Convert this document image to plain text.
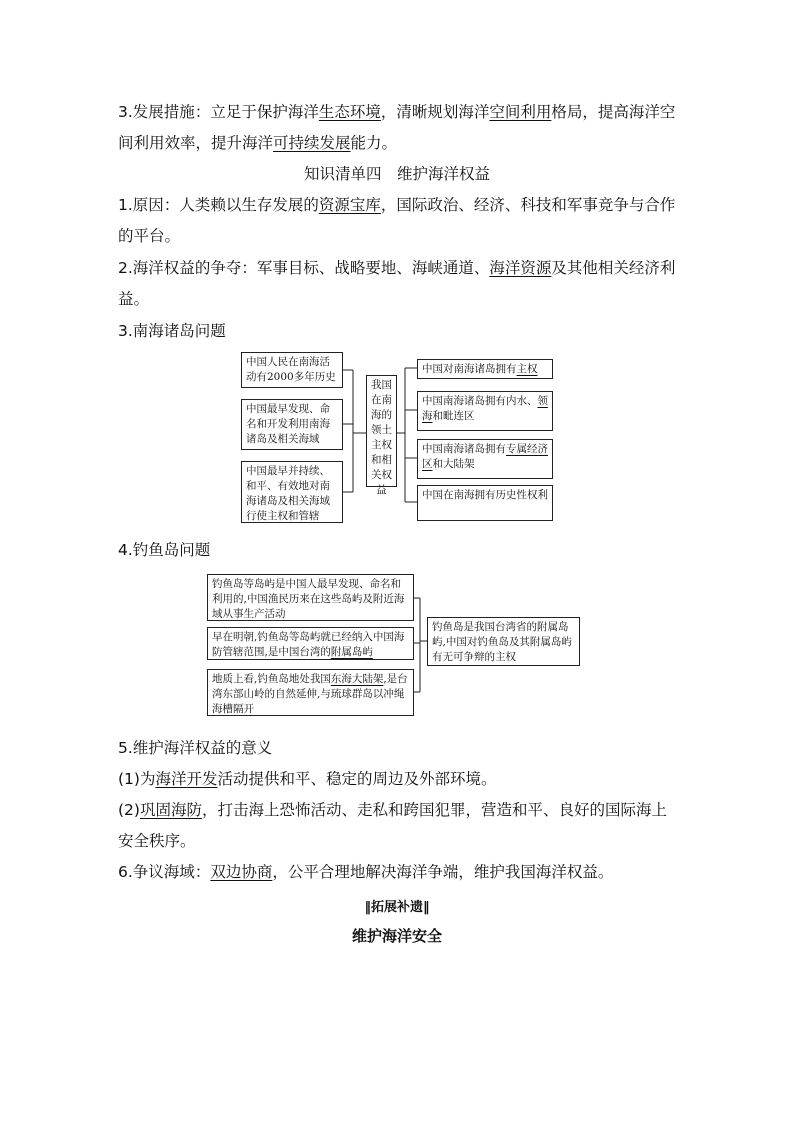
3.发展措施：立足于保护海洋生态环境，清晰规划海洋空间利用格局，提高海洋空间利用效率，提升海洋可持续发展能力。

知识清单四　维护海洋权益

1.原因：人类赖以生存发展的资源宝库，国际政治、经济、科技和军事竞争与合作的平台。

2.海洋权益的争夺：军事目标、战略要地、海峡通道、海洋资源及其他相关经济利益。

3.南海诸岛问题

中国人民在南海活动有2000多年历史
中国最早发现、命名和开发利用南海诸岛及相关海域
中国最早并持续、和平、有效地对南海诸岛及相关海域行使主权和管辖
我国在南海的领土主权和相关权益
中国对南海诸岛拥有主权
中国南海诸岛拥有内水、领海和毗连区
中国南海诸岛拥有专属经济区和大陆架
中国在南海拥有历史性权利

4.钓鱼岛问题

钓鱼岛等岛屿是中国人最早发现、命名和利用的,中国渔民历来在这些岛屿及附近海域从事生产活动
早在明朝,钓鱼岛等岛屿就已经纳入中国海防管辖范围,是中国台湾的附属岛屿
地质上看,钓鱼岛地处我国东海大陆架,是台湾东部山岭的自然延伸,与琉球群岛以冲绳海槽隔开
钓鱼岛是我国台湾省的附属岛屿,中国对钓鱼岛及其附属岛屿有无可争辩的主权

5.维护海洋权益的意义

(1)为海洋开发活动提供和平、稳定的周边及外部环境。

(2)巩固海防，打击海上恐怖活动、走私和跨国犯罪，营造和平、良好的国际海上安全秩序。

6.争议海域：双边协商，公平合理地解决海洋争端，维护我国海洋权益。

‖拓展补遗‖
维护海洋安全
